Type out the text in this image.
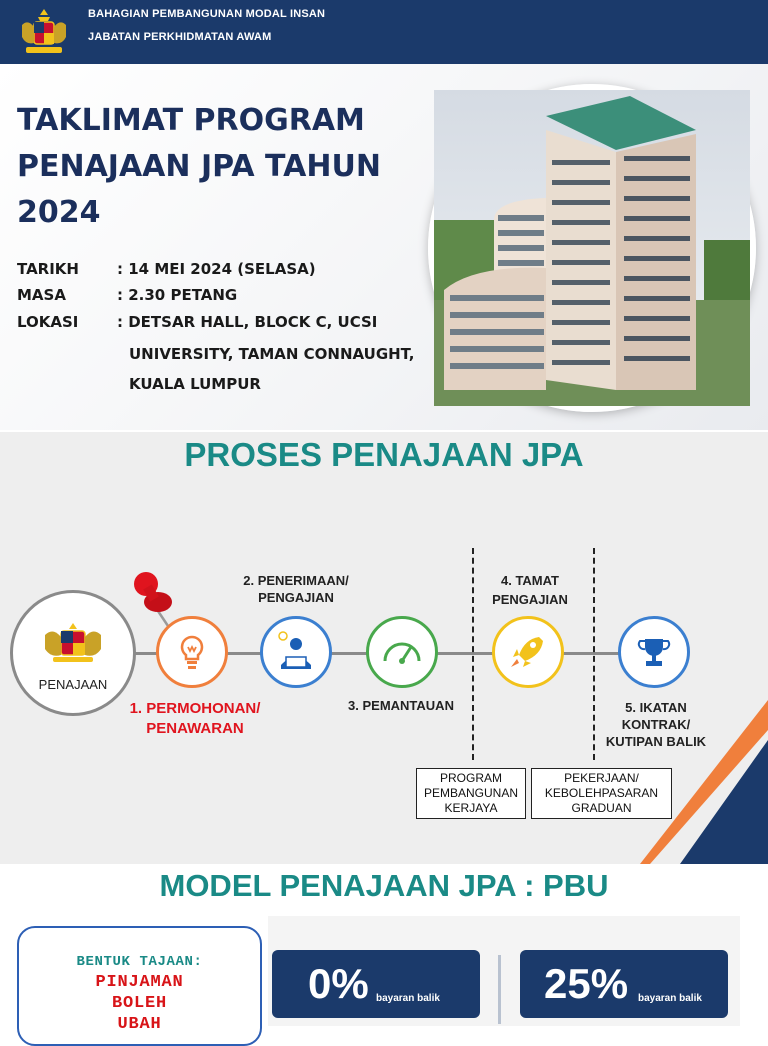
BAHAGIAN PEMBANGUNAN MODAL INSAN
JABATAN PERKHIDMATAN AWAM
TAKLIMAT PROGRAM PENAJAAN JPA TAHUN 2024
TARIKH	: 14 MEI 2024 (SELASA)
MASA	: 2.30 PETANG
LOKASI	: DETSAR HALL, BLOCK C, UCSI
UNIVERSITY, TAMAN CONNAUGHT,
KUALA LUMPUR
PROSES PENAJAAN JPA
PENAJAAN
1. PERMOHONAN/
PENAWARAN
2. PENERIMAAN/
PENGAJIAN
3. PEMANTAUAN
4. TAMAT
PENGAJIAN
5. IKATAN
KONTRAK/
KUTIPAN BALIK
PROGRAM
PEMBANGUNAN
KERJAYA
PEKERJAAN/
KEBOLEHPASARAN
GRADUAN
MODEL PENAJAAN JPA : PBU
BENTUK TAJAAN:
PINJAMAN
BOLEH
UBAH
0% bayaran balik 25% bayaran balik
